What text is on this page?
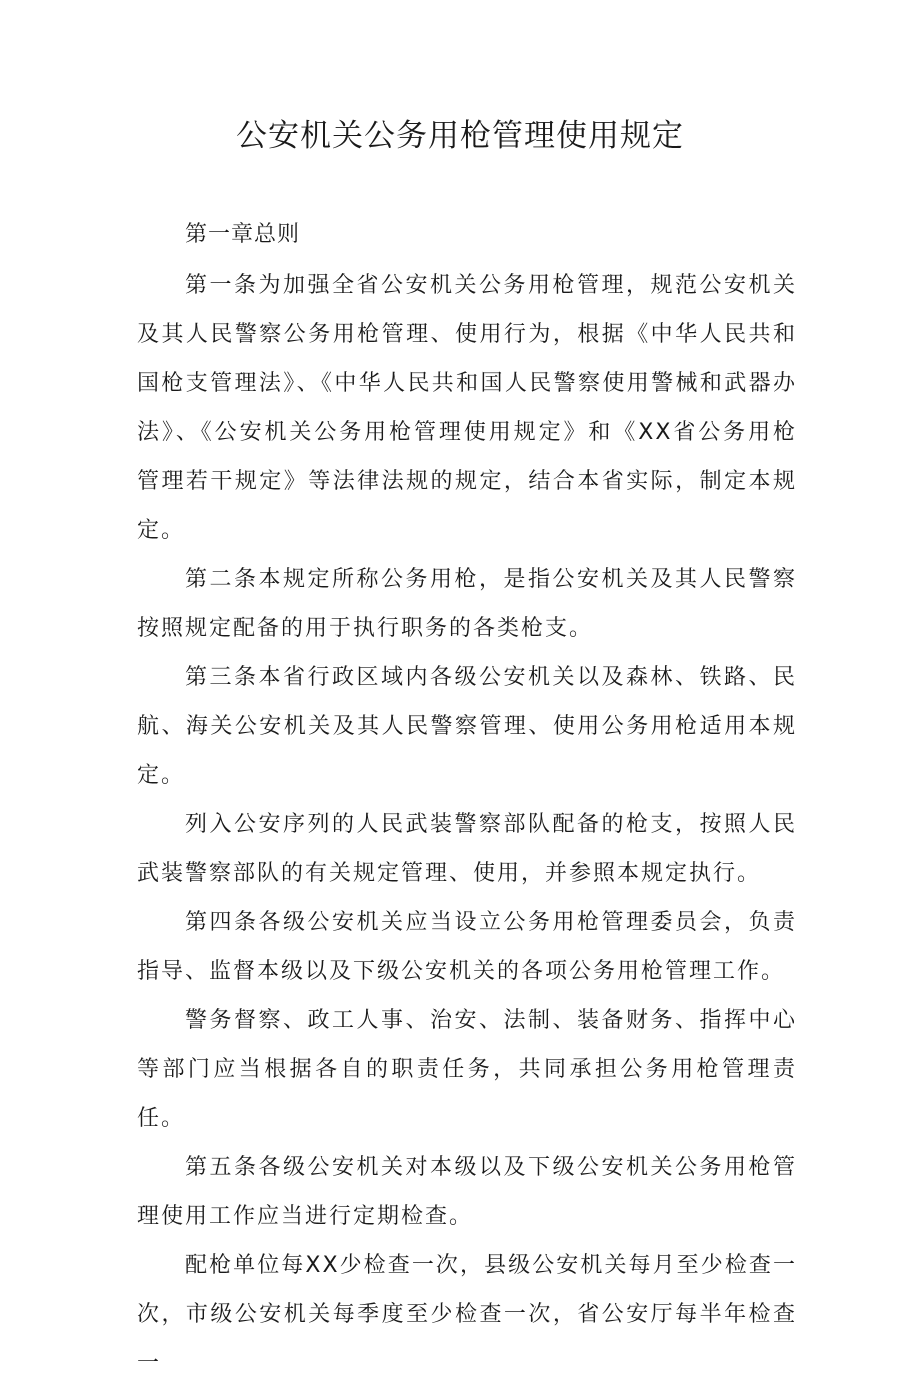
公安机关公务用枪管理使用规定

第一章总则

第一条为加强全省公安机关公务用枪管理，规范公安机关及其人民警察公务用枪管理、使用行为，根据《中华人民共和国枪支管理法》、《中华人民共和国人民警察使用警械和武器办法》、《公安机关公务用枪管理使用规定》和《XX省公务用枪管理若干规定》等法律法规的规定，结合本省实际，制定本规定。

第二条本规定所称公务用枪，是指公安机关及其人民警察按照规定配备的用于执行职务的各类枪支。

第三条本省行政区域内各级公安机关以及森林、铁路、民航、海关公安机关及其人民警察管理、使用公务用枪适用本规定。

列入公安序列的人民武装警察部队配备的枪支，按照人民武装警察部队的有关规定管理、使用，并参照本规定执行。

第四条各级公安机关应当设立公务用枪管理委员会，负责指导、监督本级以及下级公安机关的各项公务用枪管理工作。

警务督察、政工人事、治安、法制、装备财务、指挥中心等部门应当根据各自的职责任务，共同承担公务用枪管理责任。

第五条各级公安机关对本级以及下级公安机关公务用枪管理使用工作应当进行定期检查。

配枪单位每XX少检查一次，县级公安机关每月至少检查一次，市级公安机关每季度至少检查一次，省公安厅每半年检查一
